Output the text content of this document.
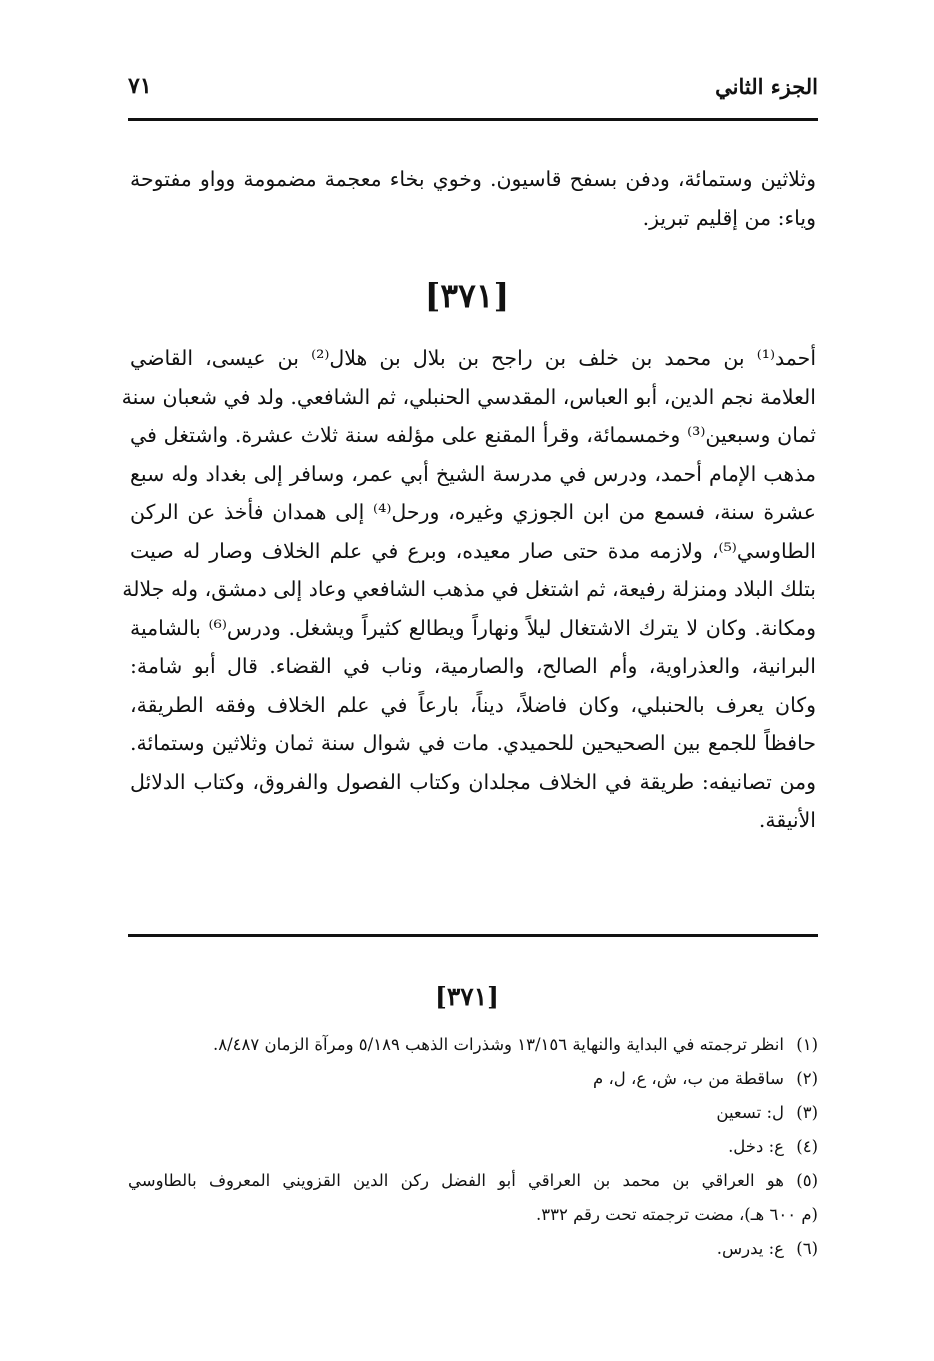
الجزء الثاني
٧١
وثلاثين وستمائة، ودفن بسفح قاسيون. وخوي بخاء معجمة مضمومة وواو مفتوحة
وياء: من إقليم تبريز.
[٣٧١]
أحمد⁽¹⁾ بن محمد بن خلف بن راجح بن بلال بن هلال⁽²⁾ بن عيسى، القاضي
العلامة نجم الدين، أبو العباس، المقدسي الحنبلي، ثم الشافعي. ولد في شعبان سنة
ثمان وسبعين⁽³⁾ وخمسمائة، وقرأ المقنع على مؤلفه سنة ثلاث عشرة. واشتغل في
مذهب الإمام أحمد، ودرس في مدرسة الشيخ أبي عمر، وسافر إلى بغداد وله سبع
عشرة سنة، فسمع من ابن الجوزي وغيره، ورحل⁽⁴⁾ إلى همدان فأخذ عن الركن
الطاوسي⁽⁵⁾، ولازمه مدة حتى صار معيده، وبرع في علم الخلاف وصار له صيت
بتلك البلاد ومنزلة رفيعة، ثم اشتغل في مذهب الشافعي وعاد إلى دمشق، وله جلالة
ومكانة. وكان لا يترك الاشتغال ليلاً ونهاراً ويطالع كثيراً ويشغل. ودرس⁽⁶⁾ بالشامية
البرانية، والعذراوية، وأم الصالح، والصارمية، وناب في القضاء. قال أبو شامة:
وكان يعرف بالحنبلي، وكان فاضلاً، ديناً، بارعاً في علم الخلاف وفقه الطريقة،
حافظاً للجمع بين الصحيحين للحميدي. مات في شوال سنة ثمان وثلاثين وستمائة.
ومن تصانيفه: طريقة في الخلاف مجلدان وكتاب الفصول والفروق، وكتاب الدلائل
الأنيقة.
[٣٧١]
(١)
انظر ترجمته في البداية والنهاية ١٣/١٥٦ وشذرات الذهب ٥/١٨٩ ومرآة الزمان ٨/٤٨٧.
(٢)
ساقطة من ب، ش، ع، ل، م
(٣)
ل: تسعين
(٤)
ع: دخل.
(٥)
هو العراقي بن محمد بن العراقي أبو الفضل ركن الدين القزويني المعروف بالطاوسي
(م ٦٠٠ هـ)، مضت ترجمته تحت رقم ٣٣٢.
(٦)
ع: يدرس.
